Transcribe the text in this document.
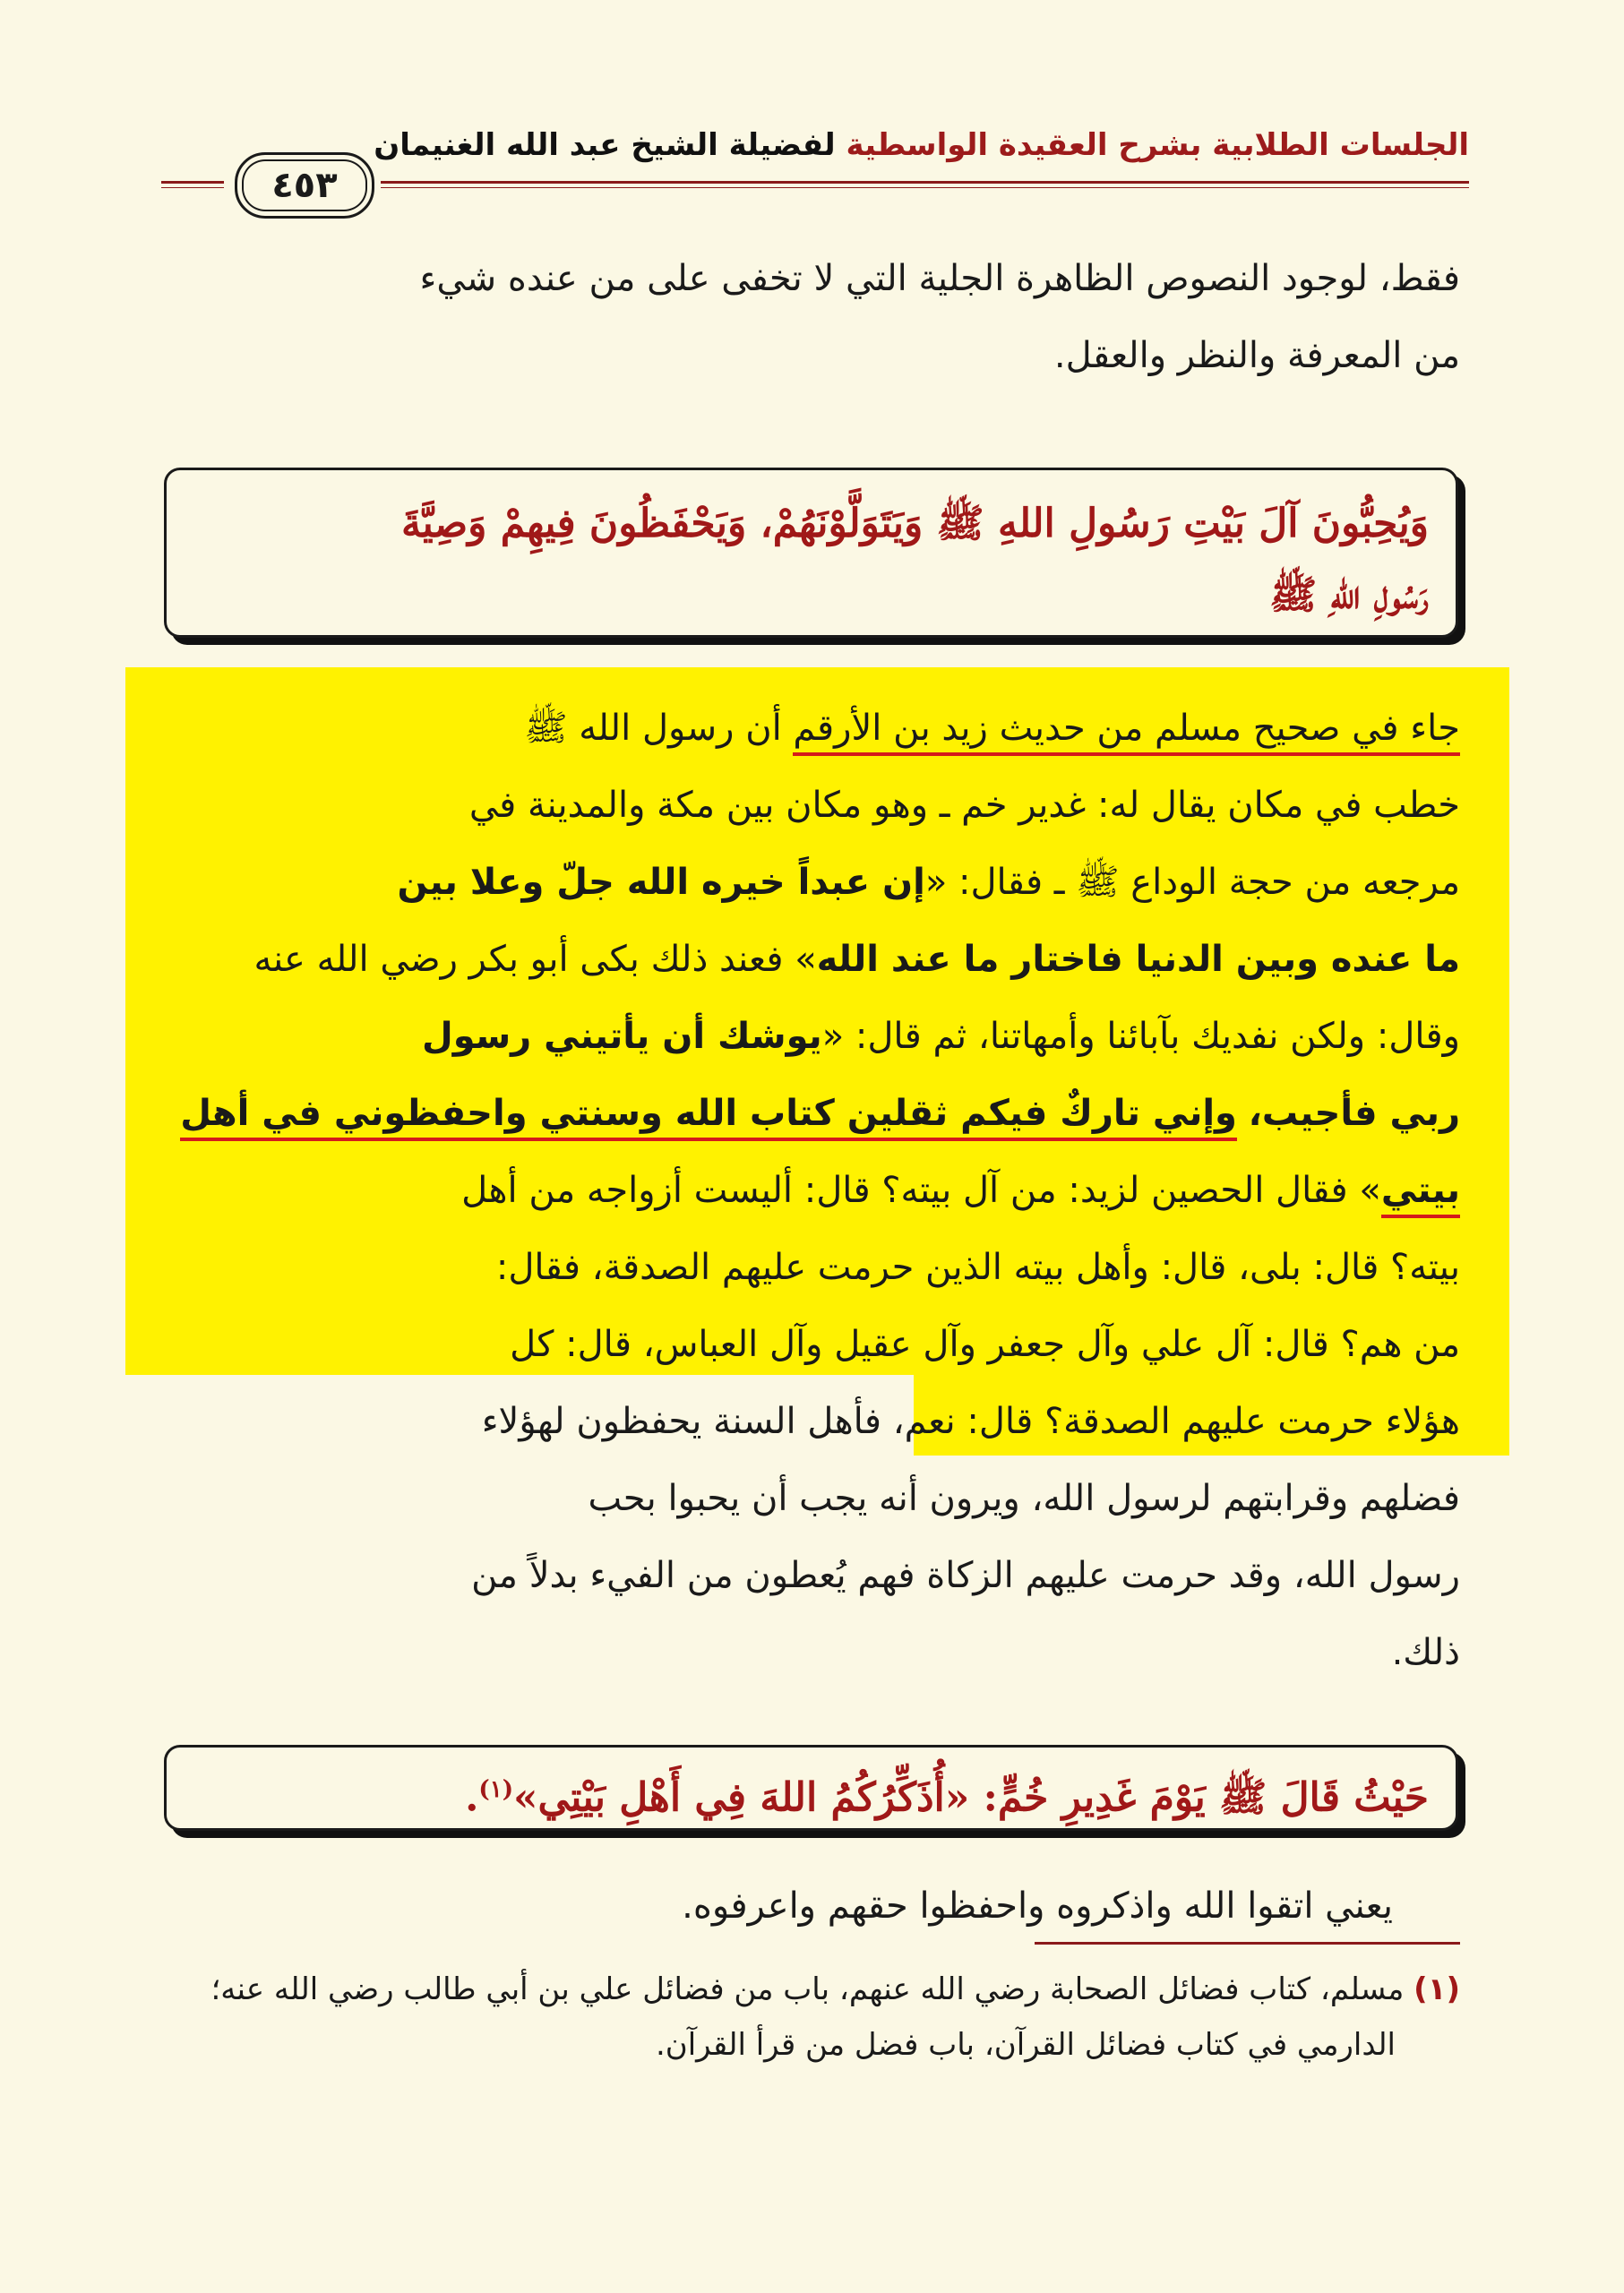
الجلسات الطلابية بشرح العقيدة الواسطية لفضيلة الشيخ عبد الله الغنيمان
٤٥٣
فقط، لوجود النصوص الظاهرة الجلية التي لا تخفى على من عنده شيء
من المعرفة والنظر والعقل.
وَيُحِبُّونَ آلَ بَيْتِ رَسُولِ اللهِ ﷺ وَيَتَوَلَّوْنَهُمْ، وَيَحْفَظُونَ فِيهِمْ وَصِيَّةَ
رَسُولِ اللهِ ﷺ
جاء في صحيح مسلم من حديث زيد بن الأرقم أن رسول الله ﷺ
خطب في مكان يقال له: غدير خم ـ وهو مكان بين مكة والمدينة في
مرجعه من حجة الوداع ﷺ ـ فقال: «إن عبداً خيره الله جلّ وعلا بين
ما عنده وبين الدنيا فاختار ما عند الله» فعند ذلك بكى أبو بكر رضي الله عنه
وقال: ولكن نفديك بآبائنا وأمهاتنا، ثم قال: «يوشك أن يأتيني رسول
ربي فأجيب، وإني تاركٌ فيكم ثقلين كتاب الله وسنتي واحفظوني في أهل
بيتي» فقال الحصين لزيد: من آل بيته؟ قال: أليست أزواجه من أهل
بيته؟ قال: بلى، قال: وأهل بيته الذين حرمت عليهم الصدقة، فقال:
من هم؟ قال: آل علي وآل جعفر وآل عقيل وآل العباس، قال: كل
هؤلاء حرمت عليهم الصدقة؟ قال: نعم، فأهل السنة يحفظون لهؤلاء
فضلهم وقرابتهم لرسول الله، ويرون أنه يجب أن يحبوا بحب
رسول الله، وقد حرمت عليهم الزكاة فهم يُعطون من الفيء بدلاً من
ذلك.
حَيْثُ قَالَ ﷺ يَوْمَ غَدِيرِ خُمٍّ: «أُذَكِّرُكُمُ اللهَ فِي أَهْلِ بَيْتِي»$^{(١)}$.
يعني اتقوا الله واذكروه واحفظوا حقهم واعرفوه.
(١) مسلم، كتاب فضائل الصحابة رضي الله عنهم، باب من فضائل علي بن أبي طالب رضي الله عنه؛
الدارمي في كتاب فضائل القرآن، باب فضل من قرأ القرآن.
